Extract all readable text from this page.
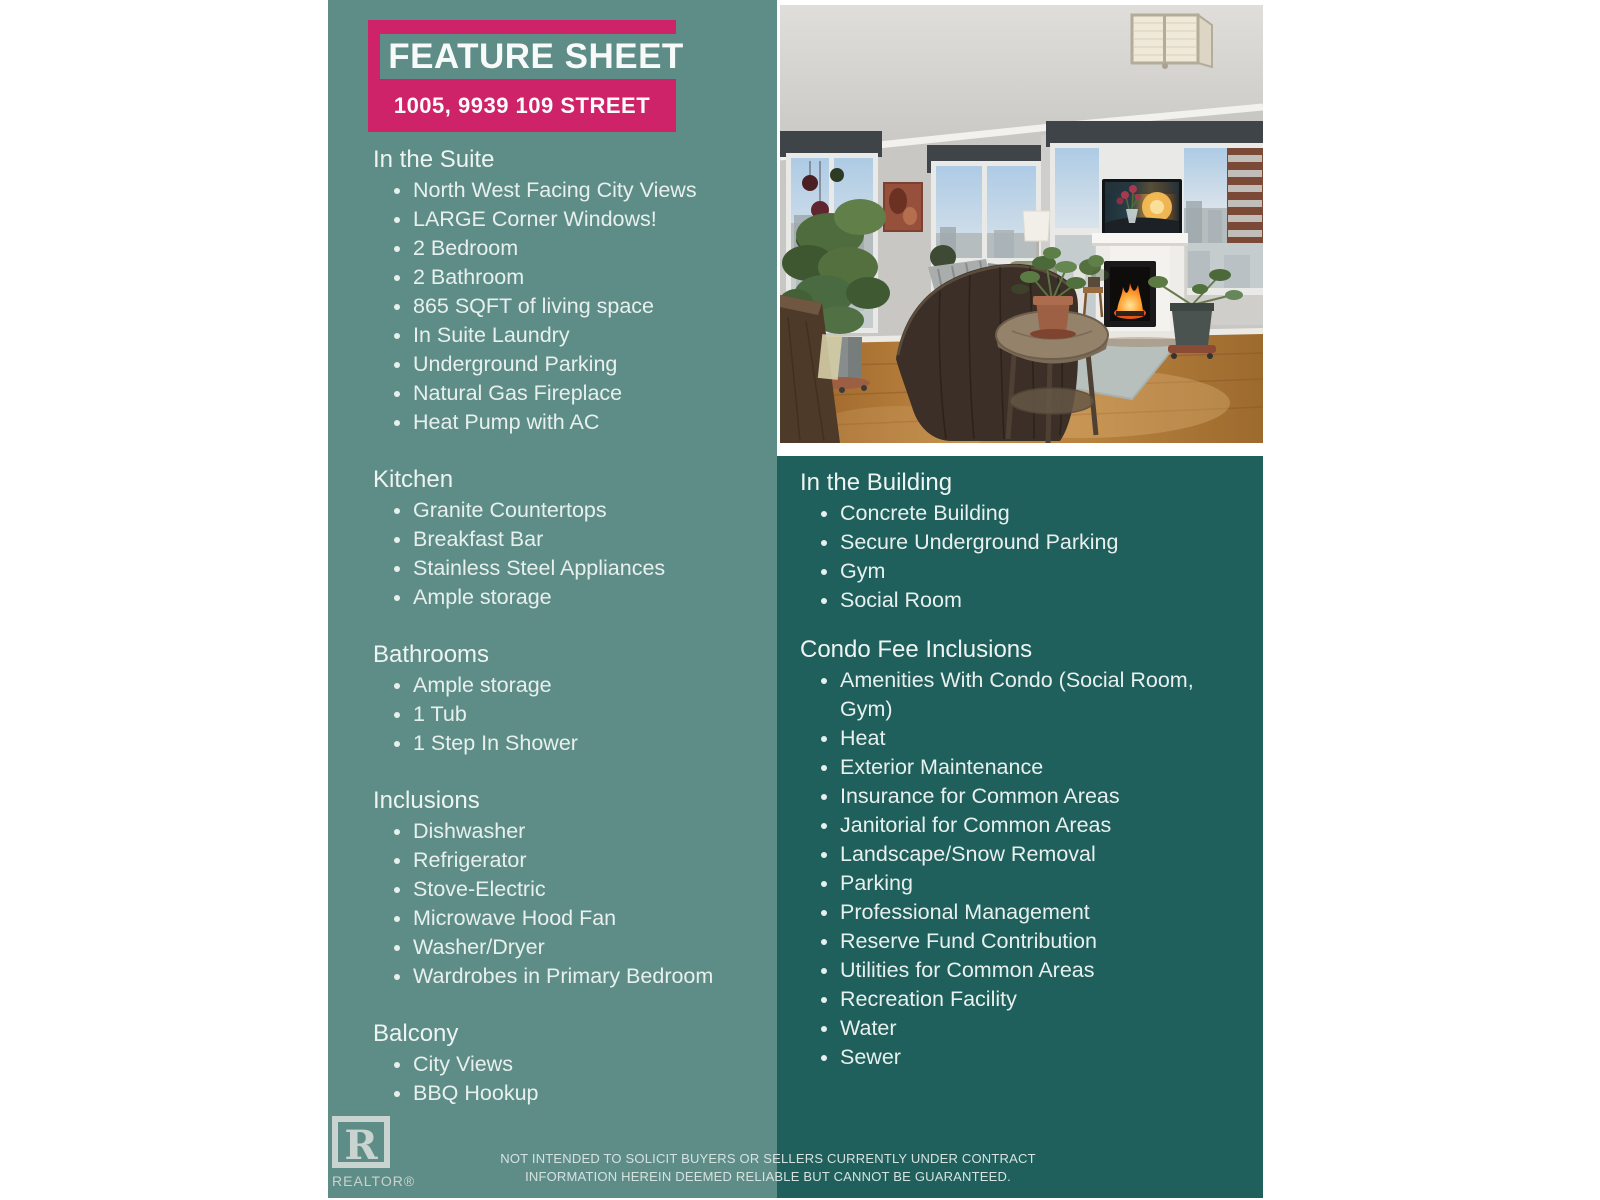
FEATURE SHEET
1005, 9939 109 STREET
In the Suite
• North West Facing City Views
• LARGE Corner Windows!
• 2 Bedroom
• 2 Bathroom
• 865 SQFT of living space
• In Suite Laundry
• Underground Parking
• Natural Gas Fireplace
• Heat Pump with AC
Kitchen
• Granite Countertops
• Breakfast Bar
• Stainless Steel Appliances
• Ample storage
Bathrooms
• Ample storage
• 1 Tub
• 1 Step In Shower
Inclusions
• Dishwasher
• Refrigerator
• Stove-Electric
• Microwave Hood Fan
• Washer/Dryer
• Wardrobes in Primary Bedroom
Balcony
• City Views
• BBQ Hookup
R
REALTOR®
In the Building
• Concrete Building
• Secure Underground Parking
• Gym
• Social Room
Condo Fee Inclusions
• Amenities With Condo (Social Room, Gym)
• Heat
• Exterior Maintenance
• Insurance for Common Areas
• Janitorial for Common Areas
• Landscape/Snow Removal
• Parking
• Professional Management
• Reserve Fund Contribution
• Utilities for Common Areas
• Recreation Facility
• Water
• Sewer
NOT INTENDED TO SOLICIT BUYERS OR SELLERS CURRENTLY UNDER CONTRACT
INFORMATION HEREIN DEEMED RELIABLE BUT CANNOT BE GUARANTEED.
